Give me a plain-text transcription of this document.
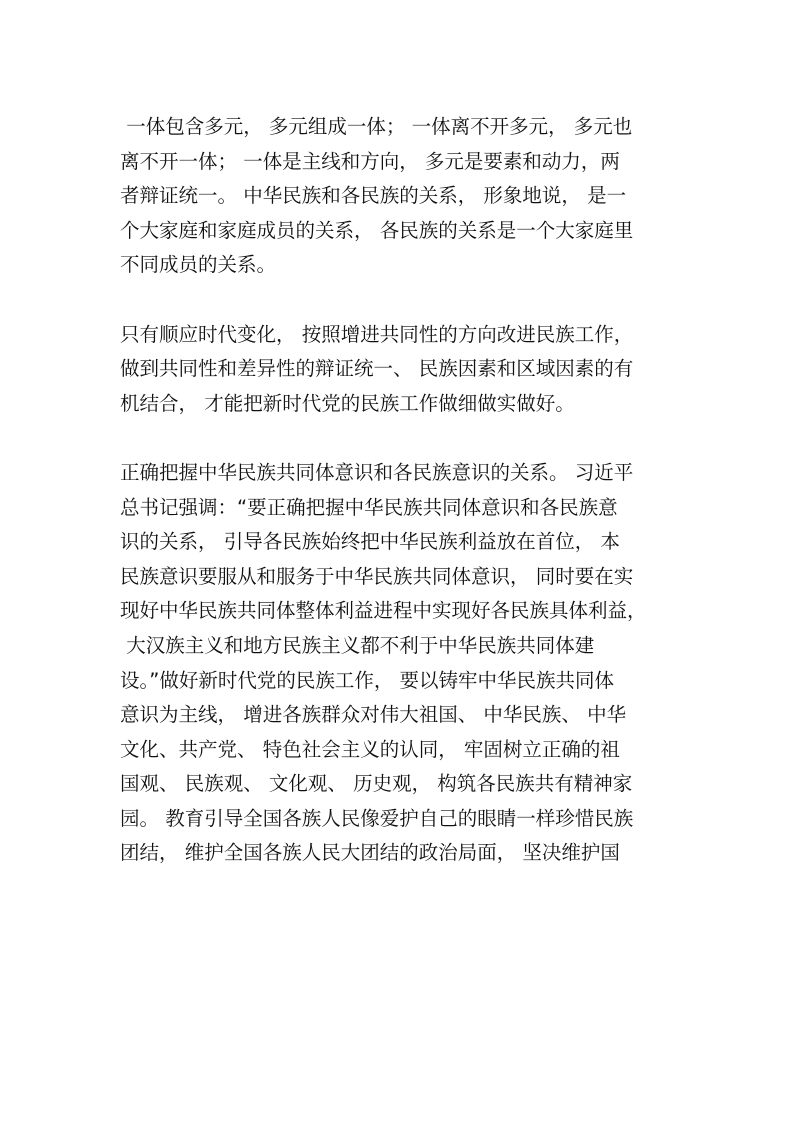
一体包含多元， 多元组成一体； 一体离不开多元， 多元也
离不开一体； 一体是主线和方向， 多元是要素和动力，两
者辩证统一。 中华民族和各民族的关系， 形象地说， 是一
个大家庭和家庭成员的关系， 各民族的关系是一个大家庭里
不同成员的关系。
只有顺应时代变化， 按照增进共同性的方向改进民族工作，
做到共同性和差异性的辩证统一、 民族因素和区域因素的有
机结合， 才能把新时代党的民族工作做细做实做好。
正确把握中华民族共同体意识和各民族意识的关系。 习近平
总书记强调：“要正确把握中华民族共同体意识和各民族意
识的关系， 引导各民族始终把中华民族利益放在首位， 本
民族意识要服从和服务于中华民族共同体意识， 同时要在实
现好中华民族共同体整体利益进程中实现好各民族具体利益，
大汉族主义和地方民族主义都不利于中华民族共同体建
设。”做好新时代党的民族工作， 要以铸牢中华民族共同体
意识为主线， 增进各族群众对伟大祖国、 中华民族、 中华
文化、共产党、 特色社会主义的认同， 牢固树立正确的祖
国观、 民族观、 文化观、 历史观， 构筑各民族共有精神家
园。 教育引导全国各族人民像爱护自己的眼睛一样珍惜民族
团结， 维护全国各族人民大团结的政治局面， 坚决维护国
